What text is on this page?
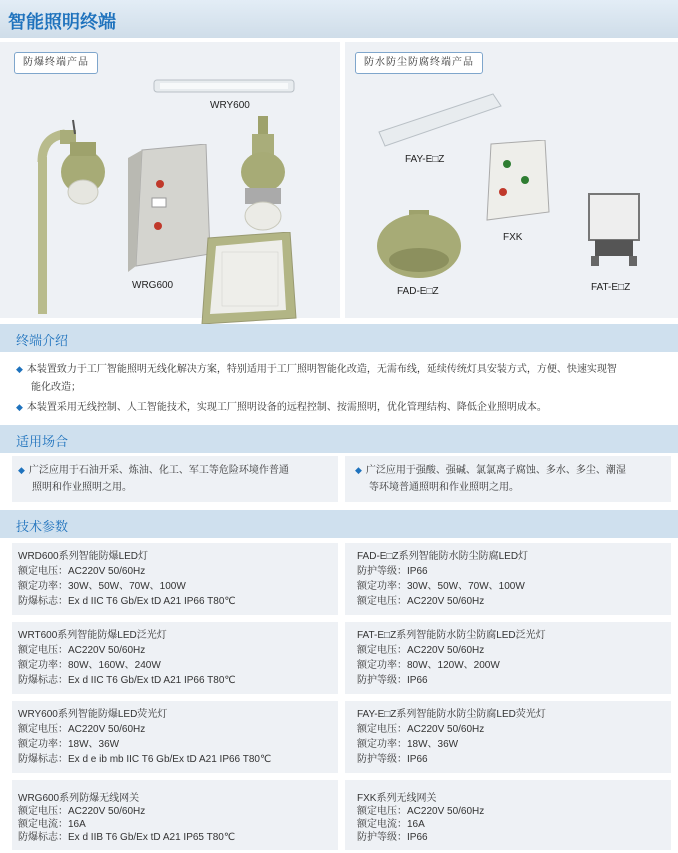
智能照明终端
防爆终端产品
WRY600
WRG600
防水防尘防腐终端产品
FAY-E□Z
FXK
FAD-E□Z	FAT-E□Z
终端介绍
◆ 本装置致力于工厂智能照明无线化解决方案，特别适用于工厂照明智能化改造，无需布线，延续传统灯具安装方式，方便、快速实现智
能化改造；
◆ 本装置采用无线控制、人工智能技术，实现工厂照明设备的远程控制、按需照明，优化管理结构、降低企业照明成本。
适用场合
◆ 广泛应用于石油开采、炼油、化工、军工等危险环境作普通
照明和作业照明之用。
◆ 广泛应用于强酸、强碱、氯氯离子腐蚀、多水、多尘、潮湿
等环境普通照明和作业照明之用。
技术参数
WRD600系列智能防爆LED灯
额定电压：AC220V 50/60Hz
额定功率：30W、50W、70W、100W
防爆标志：Ex d IIC T6 Gb/Ex tD A21 IP66 T80℃
WRT600系列智能防爆LED泛光灯
额定电压：AC220V 50/60Hz
额定功率：80W、160W、240W
防爆标志：Ex d IIC T6 Gb/Ex tD A21 IP66 T80℃
WRY600系列智能防爆LED荧光灯
额定电压：AC220V 50/60Hz
额定功率：18W、36W
防爆标志：Ex d e ib mb IIC T6 Gb/Ex tD A21 IP66 T80℃
WRG600系列防爆无线网关
额定电压：AC220V 50/60Hz
额定电流：16A
防爆标志：Ex d IIB T6 Gb/Ex tD A21 IP65 T80℃
FAD-E□Z系列智能防水防尘防腐LED灯
防护等级：IP66
额定功率：30W、50W、70W、100W
额定电压：AC220V 50/60Hz
FAT-E□Z系列智能防水防尘防腐LED泛光灯
额定电压：AC220V 50/60Hz
额定功率：80W、120W、200W
防护等级：IP66
FAY-E□Z系列智能防水防尘防腐LED荧光灯
额定电压：AC220V 50/60Hz
额定功率：18W、36W
防护等级：IP66
FXK系列无线网关
额定电压：AC220V 50/60Hz
额定电流：16A
防护等级：IP66
